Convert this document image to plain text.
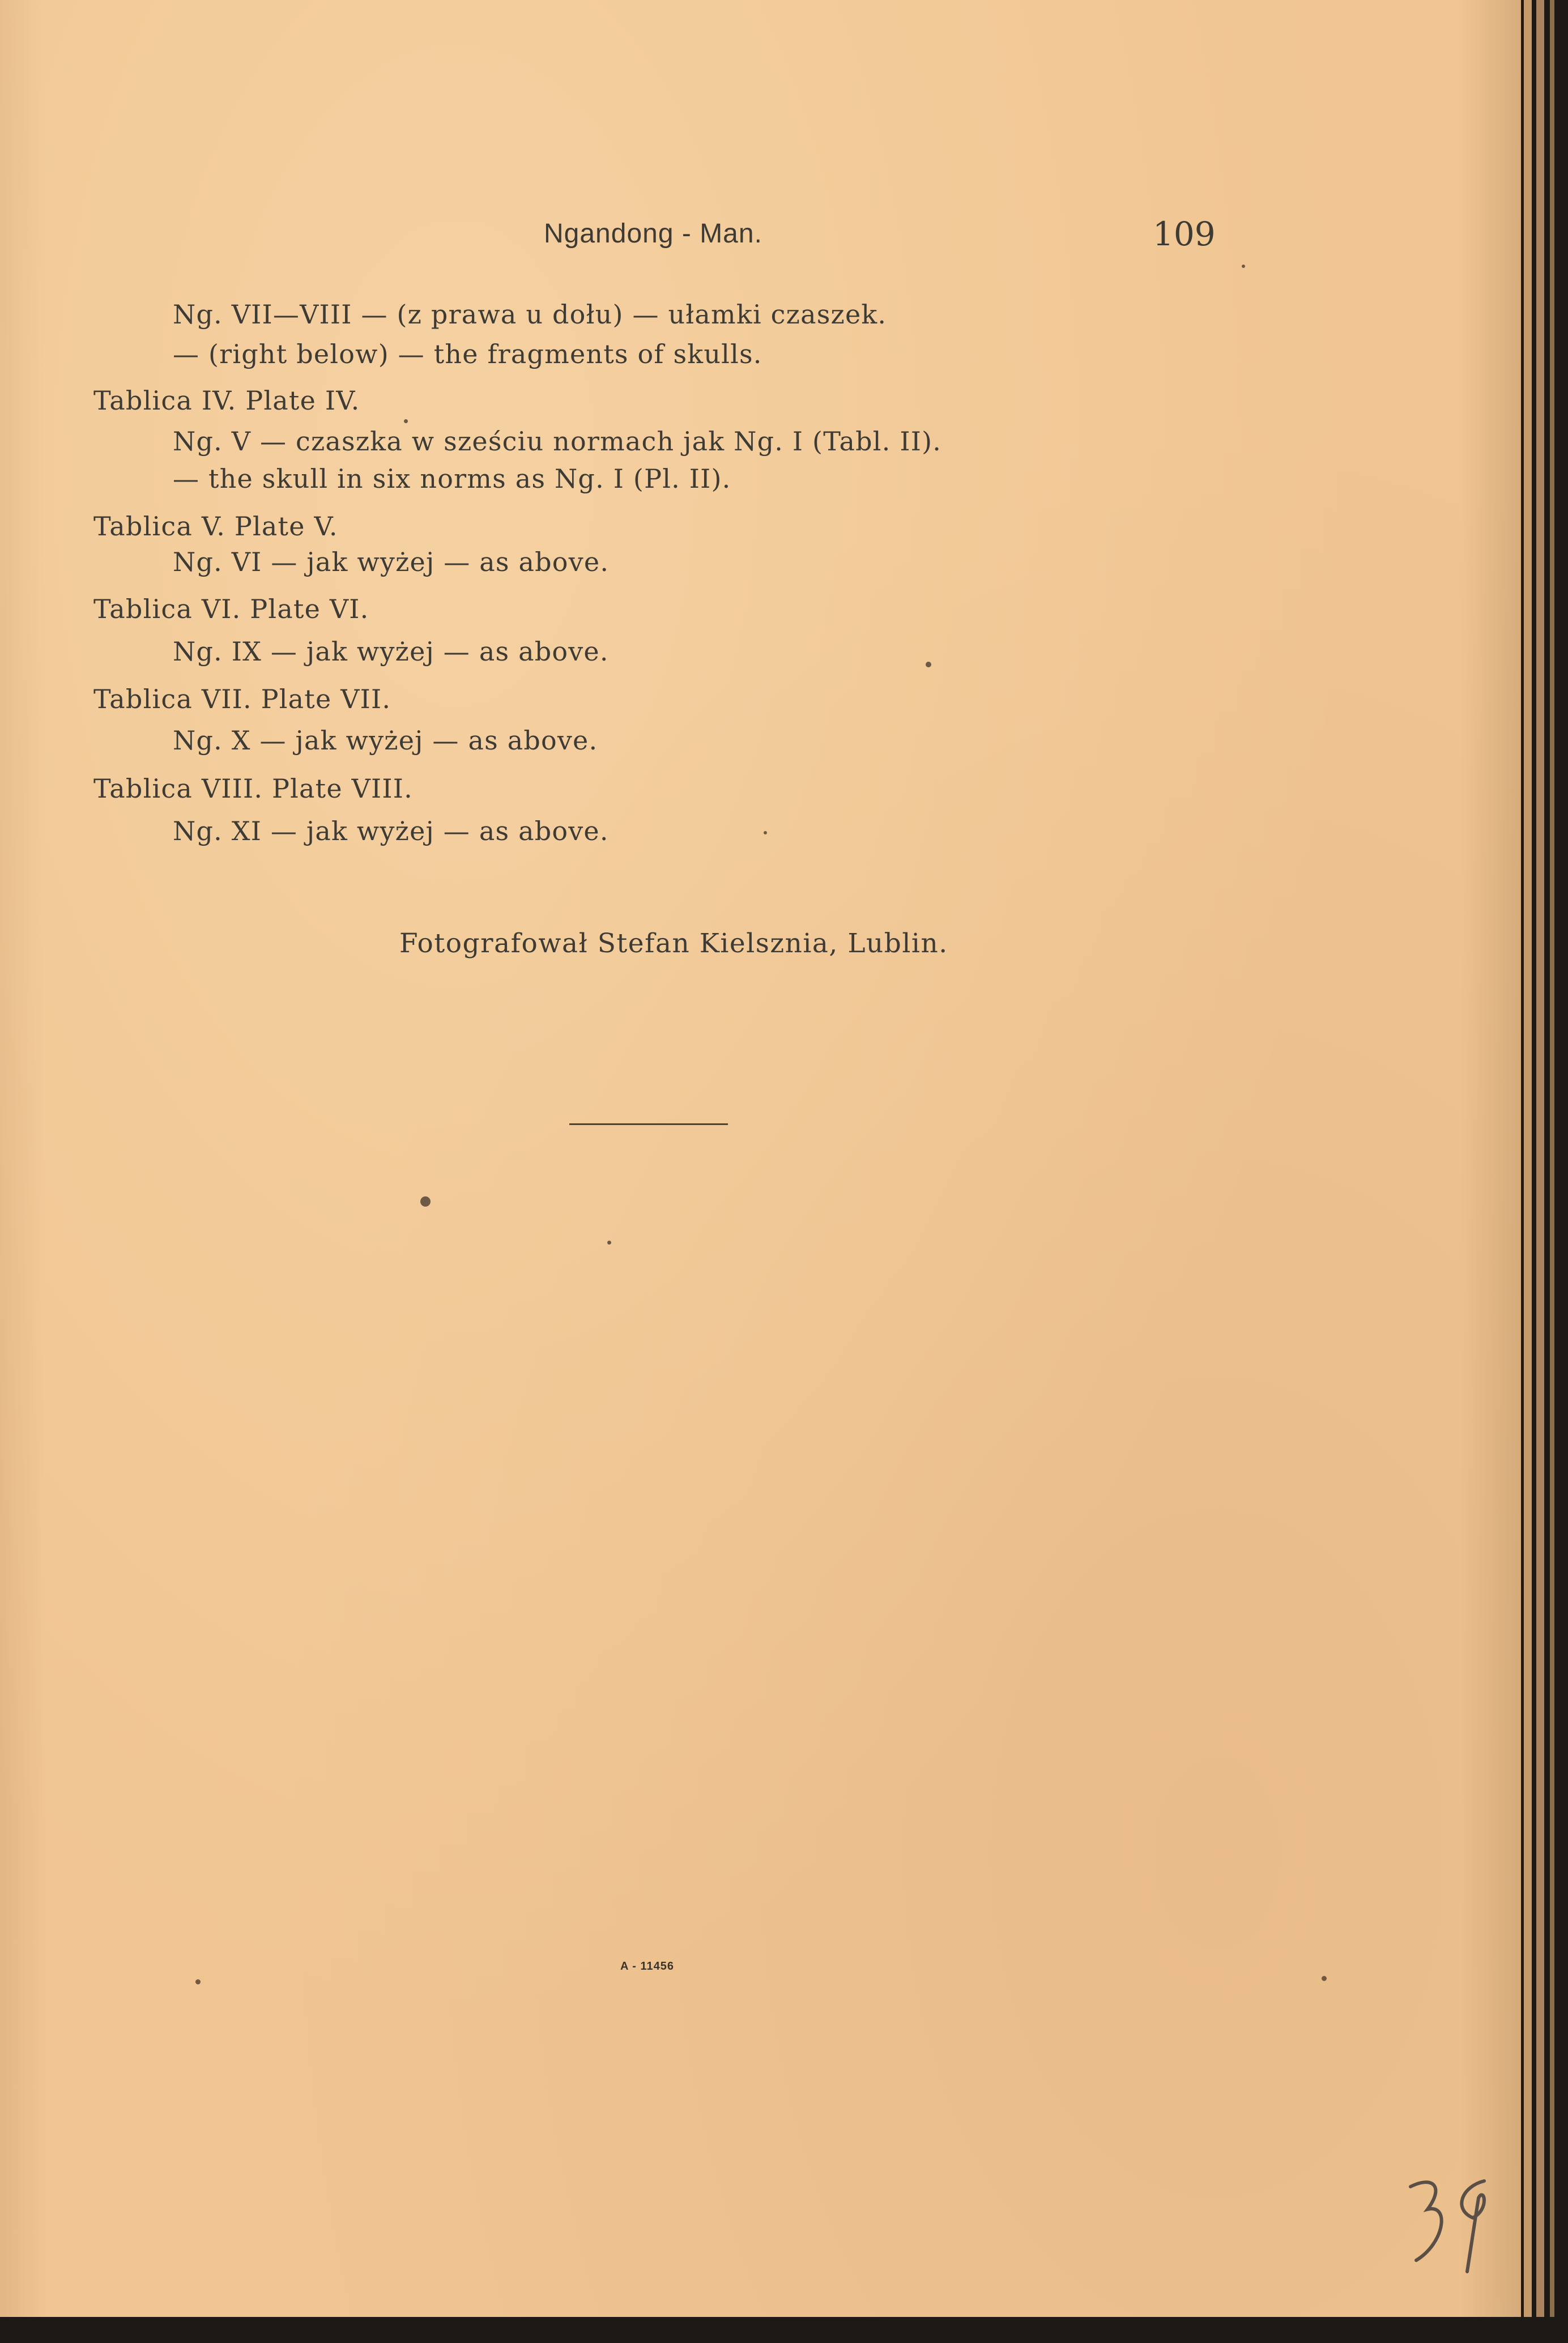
Ngandong - Man.	109
Ng. VII—VIII — (z prawa u dołu) — ułamki czaszek.
— (right below) — the fragments of skulls.
Tablica IV. Plate IV.
Ng. V — czaszka w sześciu normach jak Ng. I (Tabl. II).
— the skull in six norms as Ng. I (Pl. II).
Tablica V. Plate V.
Ng. VI — jak wyżej — as above.
Tablica VI. Plate VI.
Ng. IX — jak wyżej — as above.
Tablica VII. Plate VII.
Ng. X — jak wyżej — as above.
Tablica VIII. Plate VIII.
Ng. XI — jak wyżej — as above.
Fotografował Stefan Kielsznia, Lublin.
A - 11456
